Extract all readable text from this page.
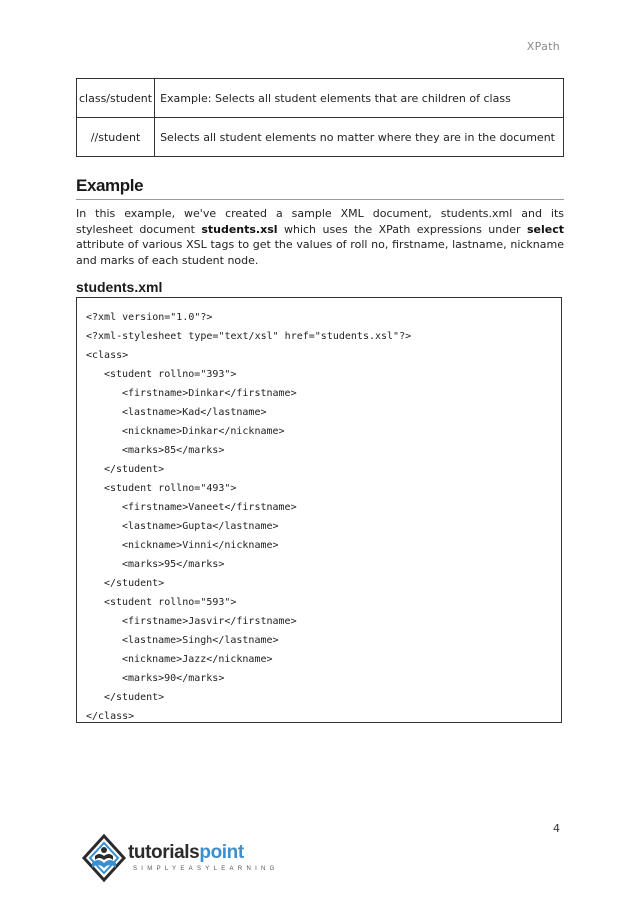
XPath
class/student	Example: Selects all student elements that are children of class
//student	Selects all student elements no matter where they are in the document
Example

In this example, we've created a sample XML document, students.xml and its stylesheet document students.xsl which uses the XPath expressions under select attribute of various XSL tags to get the values of roll no, firstname, lastname, nickname and marks of each student node.

students.xml
<?xml version="1.0"?>
<?xml-stylesheet type="text/xsl" href="students.xsl"?>
<class>
<student rollno="393">
<firstname>Dinkar</firstname>
<lastname>Kad</lastname>
<nickname>Dinkar</nickname>
<marks>85</marks>
</student>
<student rollno="493">
<firstname>Vaneet</firstname>
<lastname>Gupta</lastname>
<nickname>Vinni</nickname>
<marks>95</marks>
</student>
<student rollno="593">
<firstname>Jasvir</firstname>
<lastname>Singh</lastname>
<nickname>Jazz</nickname>
<marks>90</marks>
</student>
</class>
4
tutorialspoint
SIMPLYEASYLEARNING
